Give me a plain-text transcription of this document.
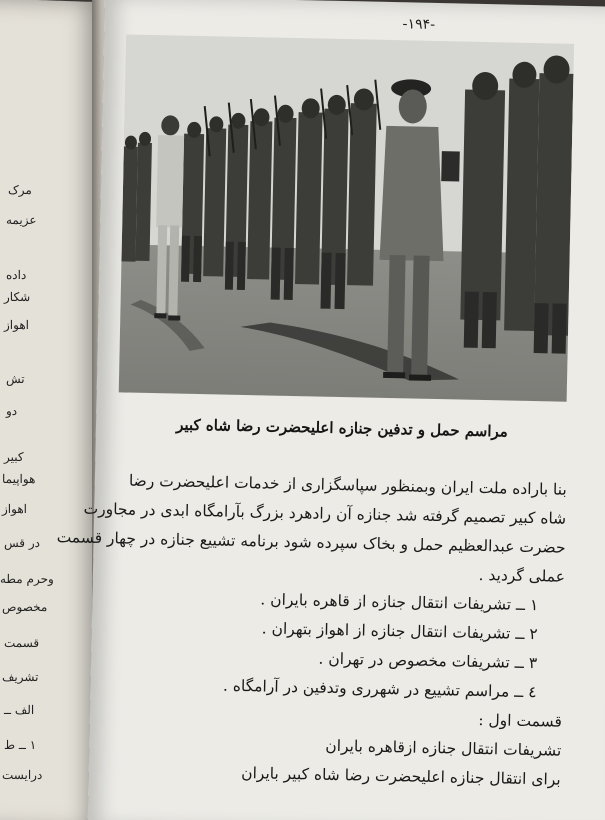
مرک
عزیمه
داده
شکار
اهواز
تش
دو
کبیر
هواپیما
اهواز
در قس
وحرم مطه
مخصوص
قسمت
تشریف
الف ــ
۱ ــ ط
درایست
-۱۹۴-
مراسم حمل و تدفین جنازه اعلیحضرت رضا شاه کبیر
بنا باراده ملت ایران وبمنظور سپاسگزاری از خدمات اعلیحضرت رضا
شاه کبیر تصمیم گرفته شد جنازه آن رادهرد بزرگ بآرامگاه ابدی در مجاورت
حضرت عبدالعظیم حمل و بخاک سپرده شود برنامه تشییع جنازه در چهار قسمت
عملی گردید .
۱ ــ تشریفات انتقال جنازه از قاهره بایران .
۲ ــ تشریفات انتقال جنازه از اهواز بتهران .
۳ ــ تشریفات مخصوص در تهران .
٤ ــ مراسم تشییع در شهرری وتدفین در آرامگاه .
قسمت اول :
تشریفات انتقال جنازه ازقاهره بایران
برای انتقال جنازه اعلیحضرت رضا شاه کبیر بایران
